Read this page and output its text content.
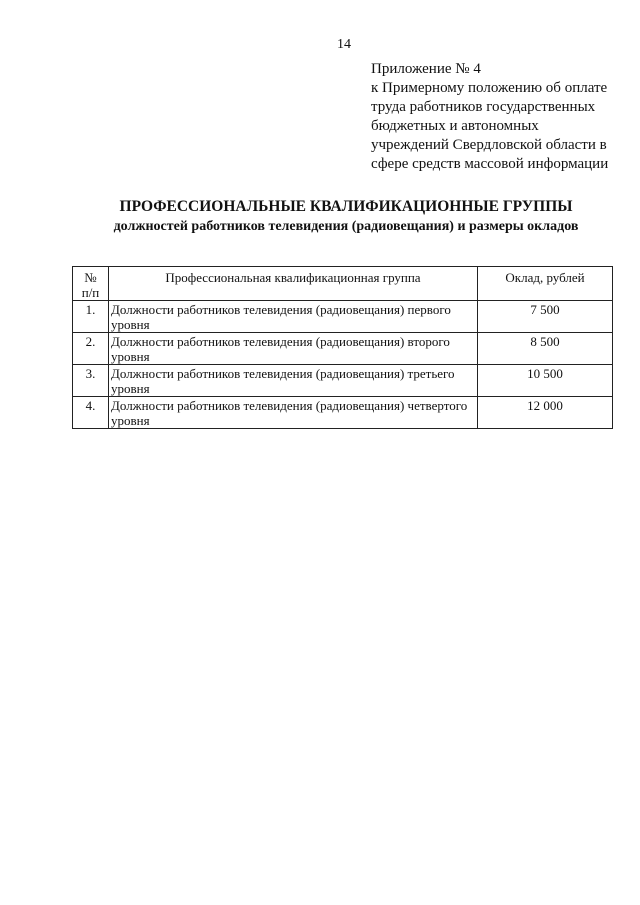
14
Приложение № 4
к Примерному положению об оплате
труда работников государственных
бюджетных и автономных
учреждений Свердловской области в
сфере средств массовой информации
ПРОФЕССИОНАЛЬНЫЕ КВАЛИФИКАЦИОННЫЕ ГРУППЫ
должностей работников телевидения (радиовещания) и размеры окладов
№
п/п	Профессиональная квалификационная группа	Оклад, рублей
1.	Должности работников телевидения (радиовещания) первого уровня	7 500
2.	Должности работников телевидения (радиовещания) второго уровня	8 500
3.	Должности работников телевидения (радиовещания) третьего уровня	10 500
4.	Должности работников телевидения (радиовещания) четвертого уровня	12 000
